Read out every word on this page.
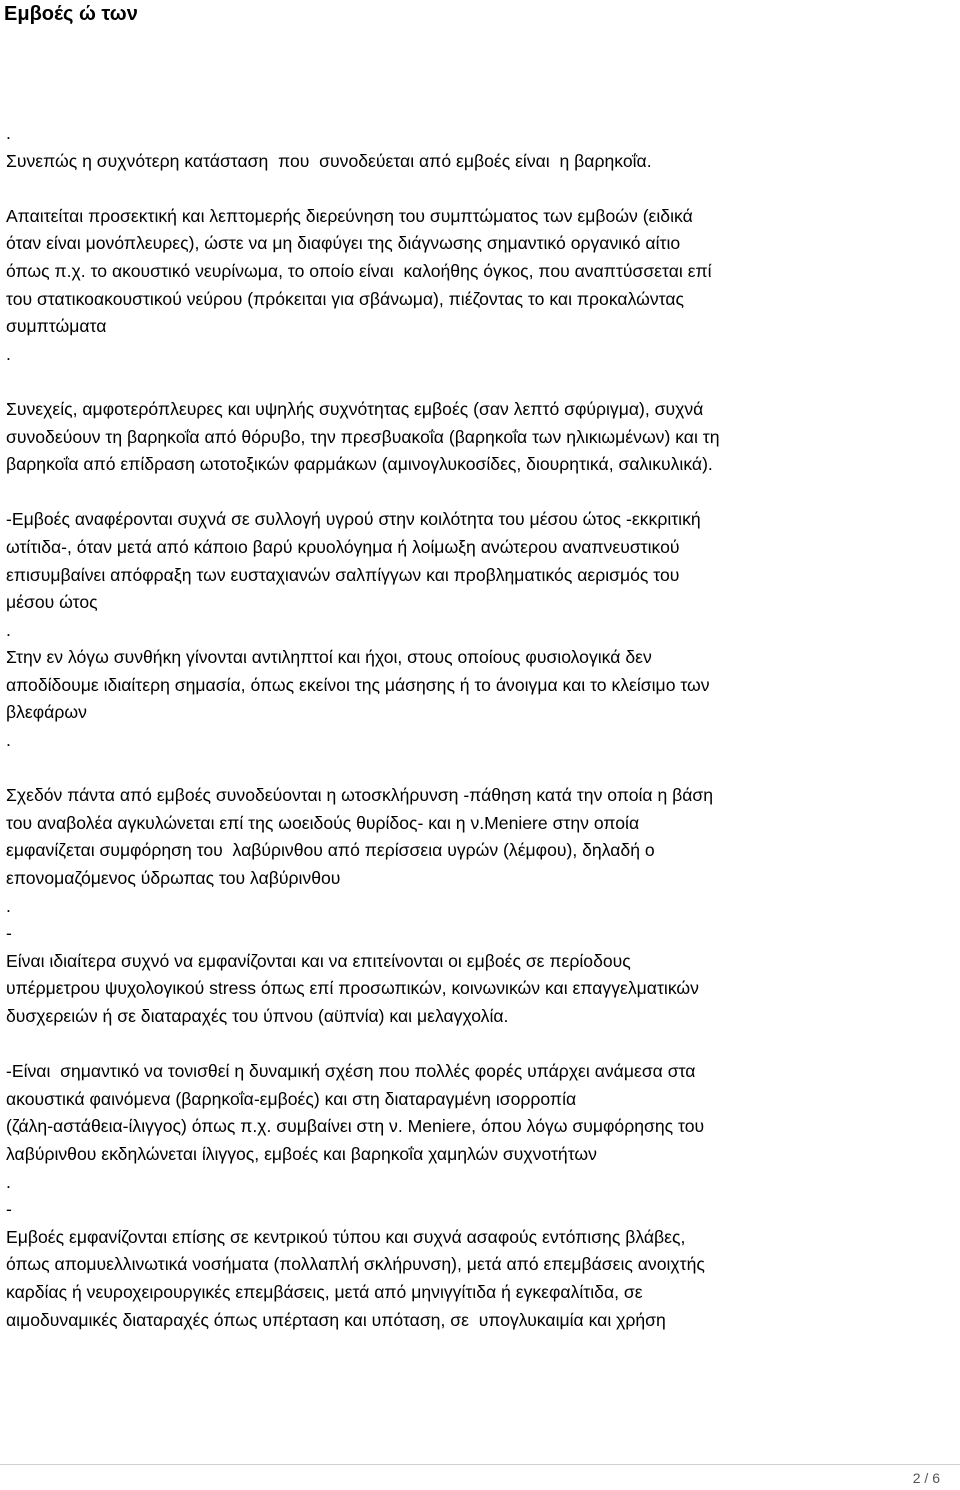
Εμβοές ώ των
.
Συνεπώς η συχνότερη κατάσταση  που  συνοδεύεται από εμβοές είναι  η βαρηκοΐα.
Απαιτείται προσεκτική και λεπτομερής διερεύνηση του συμπτώματος των εμβοών (ειδικά
όταν είναι μονόπλευρες), ώστε να μη διαφύγει της διάγνωσης σημαντικό οργανικό αίτιο
όπως π.χ. το ακουστικό νευρίνωμα, το οποίο είναι  καλοήθης όγκος, που αναπτύσσεται επί
του στατικοακουστικού νεύρου (πρόκειται για σβάνωμα), πιέζοντας το και προκαλώντας
συμπτώματα
.
Συνεχείς, αμφοτερόπλευρες και υψηλής συχνότητας εμβοές (σαν λεπτό σφύριγμα), συχνά
συνοδεύουν τη βαρηκοΐα από θόρυβο, την πρεσβυακοΐα (βαρηκοΐα των ηλικιωμένων) και τη
βαρηκοΐα από επίδραση ωτοτοξικών φαρμάκων (αμινογλυκοσίδες, διουρητικά, σαλικυλικά).
-Εμβοές αναφέρονται συχνά σε συλλογή υγρού στην κοιλότητα του μέσου ώτος -εκκριτική
ωτίτιδα-, όταν μετά από κάποιο βαρύ κρυολόγημα ή λοίμωξη ανώτερου αναπνευστικού
επισυμβαίνει απόφραξη των ευσταχιανών σαλπίγγων και προβληματικός αερισμός του
μέσου ώτος
.
Στην εν λόγω συνθήκη γίνονται αντιληπτοί και ήχοι, στους οποίους φυσιολογικά δεν
αποδίδουμε ιδιαίτερη σημασία, όπως εκείνοι της μάσησης ή το άνοιγμα και το κλείσιμο των
βλεφάρων
.
Σχεδόν πάντα από εμβοές συνοδεύονται η ωτοσκλήρυνση -πάθηση κατά την οποία η βάση
του αναβολέα αγκυλώνεται επί της ωοειδούς θυρίδος- και η ν.Meniere στην οποία
εμφανίζεται συμφόρηση του  λαβύρινθου από περίσσεια υγρών (λέμφου), δηλαδή ο
επονομαζόμενος ύδρωπας του λαβύρινθου
.
-
Είναι ιδιαίτερα συχνό να εμφανίζονται και να επιτείνονται οι εμβοές σε περίοδους
υπέρμετρου ψυχολογικού stress όπως επί προσωπικών, κοινωνικών και επαγγελματικών
δυσχερειών ή σε διαταραχές του ύπνου (αϋπνία) και μελαγχολία.
-Είναι  σημαντικό να τονισθεί η δυναμική σχέση που πολλές φορές υπάρχει ανάμεσα στα
ακουστικά φαινόμενα (βαρηκοΐα-εμβοές) και στη διαταραγμένη ισορροπία
(ζάλη-αστάθεια-ίλιγγος) όπως π.χ. συμβαίνει στη ν. Meniere, όπου λόγω συμφόρησης του
λαβύρινθου εκδηλώνεται ίλιγγος, εμβοές και βαρηκοΐα χαμηλών συχνοτήτων
.
-
Εμβοές εμφανίζονται επίσης σε κεντρικού τύπου και συχνά ασαφούς εντόπισης βλάβες,
όπως απομυελλινωτικά νοσήματα (πολλαπλή σκλήρυνση), μετά από επεμβάσεις ανοιχτής
καρδίας ή νευροχειρουργικές επεμβάσεις, μετά από μηνιγγίτιδα ή εγκεφαλίτιδα, σε
αιμοδυναμικές διαταραχές όπως υπέρταση και υπόταση, σε  υπογλυκαιμία και χρήση
2 / 6
